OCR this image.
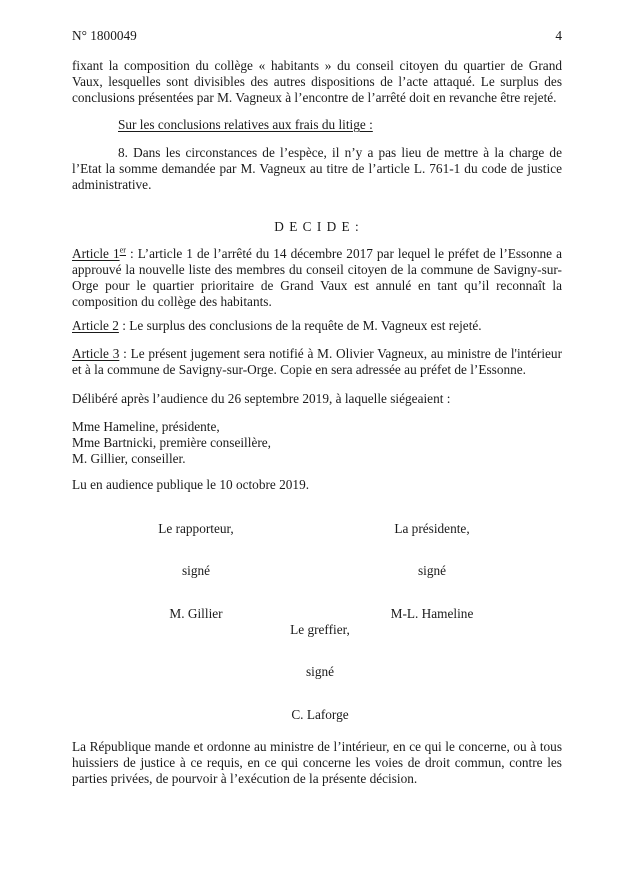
N° 1800049	4

fixant la composition du collège « habitants » du conseil citoyen du quartier de Grand Vaux, lesquelles sont divisibles des autres dispositions de l’acte attaqué. Le surplus des conclusions présentées par M. Vagneux à l’encontre de l’arrêté doit en revanche être rejeté.

Sur les conclusions relatives aux frais du litige :

8. Dans les circonstances de l’espèce, il n’y a pas lieu de mettre à la charge de l’Etat la somme demandée par M. Vagneux au titre de l’article L. 761-1 du code de justice administrative.

D E C I D E :

Article 1er : L’article 1 de l’arrêté du 14 décembre 2017 par lequel le préfet de l’Essonne a approuvé la nouvelle liste des membres du conseil citoyen de la commune de Savigny-sur-Orge pour le quartier prioritaire de Grand Vaux est annulé en tant qu’il reconnaît la composition du collège des habitants.

Article 2 : Le surplus des conclusions de la requête de M. Vagneux est rejeté.

Article 3 : Le présent jugement sera notifié à M. Olivier Vagneux, au ministre de l'intérieur et à la commune de Savigny-sur-Orge. Copie en sera adressée au préfet de l’Essonne.

Délibéré après l’audience du 26 septembre 2019, à laquelle siégeaient :

Mme Hameline, présidente,

Mme Bartnicki, première conseillère,

M. Gillier, conseiller.

Lu en audience publique le 10 octobre 2019.

Le rapporteur,

signé

M. Gillier

La présidente,

signé

M-L. Hameline

Le greffier,

signé

C. Laforge

La République mande et ordonne au ministre de l’intérieur, en ce qui le concerne, ou à tous huissiers de justice à ce requis, en ce qui concerne les voies de droit commun, contre les parties privées, de pourvoir à l’exécution de la présente décision.
